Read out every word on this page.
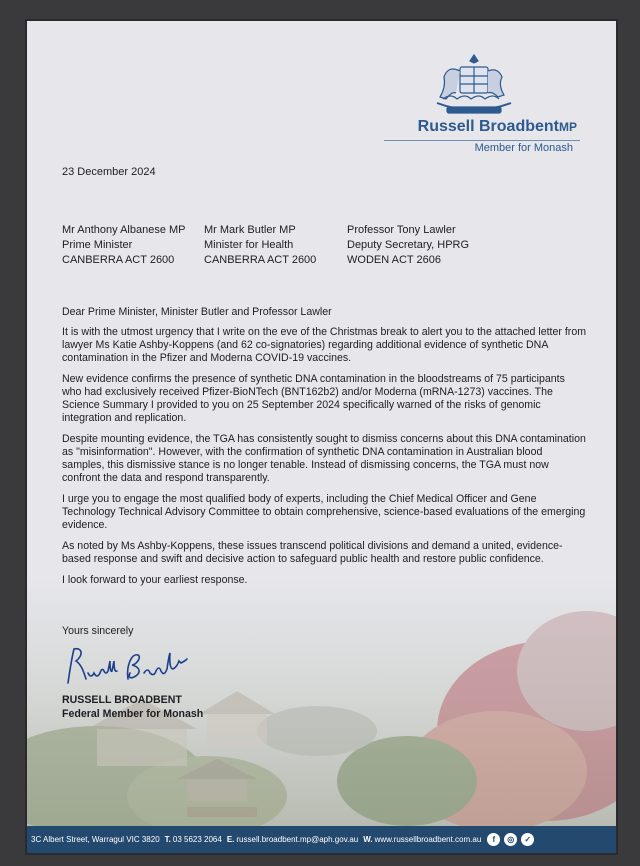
Russell BroadbentMP
Member for Monash
23 December 2024
Mr Anthony Albanese MP
Prime Minister
CANBERRA ACT 2600
Mr Mark Butler MP
Minister for Health
CANBERRA ACT 2600
Professor Tony Lawler
Deputy Secretary, HPRG
WODEN ACT 2606

Dear Prime Minister, Minister Butler and Professor Lawler

It is with the utmost urgency that I write on the eve of the Christmas break to alert you to the attached letter from lawyer Ms Katie Ashby-Koppens (and 62 co-signatories) regarding additional evidence of synthetic DNA contamination in the Pfizer and Moderna COVID-19 vaccines.

New evidence confirms the presence of synthetic DNA contamination in the bloodstreams of 75 participants who had exclusively received Pfizer-BioNTech (BNT162b2) and/or Moderna (mRNA-1273) vaccines. The Science Summary I provided to you on 25 September 2024 specifically warned of the risks of genomic integration and replication.

Despite mounting evidence, the TGA has consistently sought to dismiss concerns about this DNA contamination as "misinformation". However, with the confirmation of synthetic DNA contamination in Australian blood samples, this dismissive stance is no longer tenable. Instead of dismissing concerns, the TGA must now confront the data and respond transparently.

I urge you to engage the most qualified body of experts, including the Chief Medical Officer and Gene Technology Technical Advisory Committee to obtain comprehensive, science-based evaluations of the emerging evidence.

As noted by Ms Ashby-Koppens, these issues transcend political divisions and demand a united, evidence-based response and swift and decisive action to safeguard public health and restore public confidence.

I look forward to your earliest response.

Yours sincerely
RUSSELL BROADBENT
Federal Member for Monash
3C Albert Street, Warragul VIC 3820 T. 03 5623 2064 E. russell.broadbent.mp@aph.gov.au W. www.russellbroadbent.com.au	f	◎	✓
